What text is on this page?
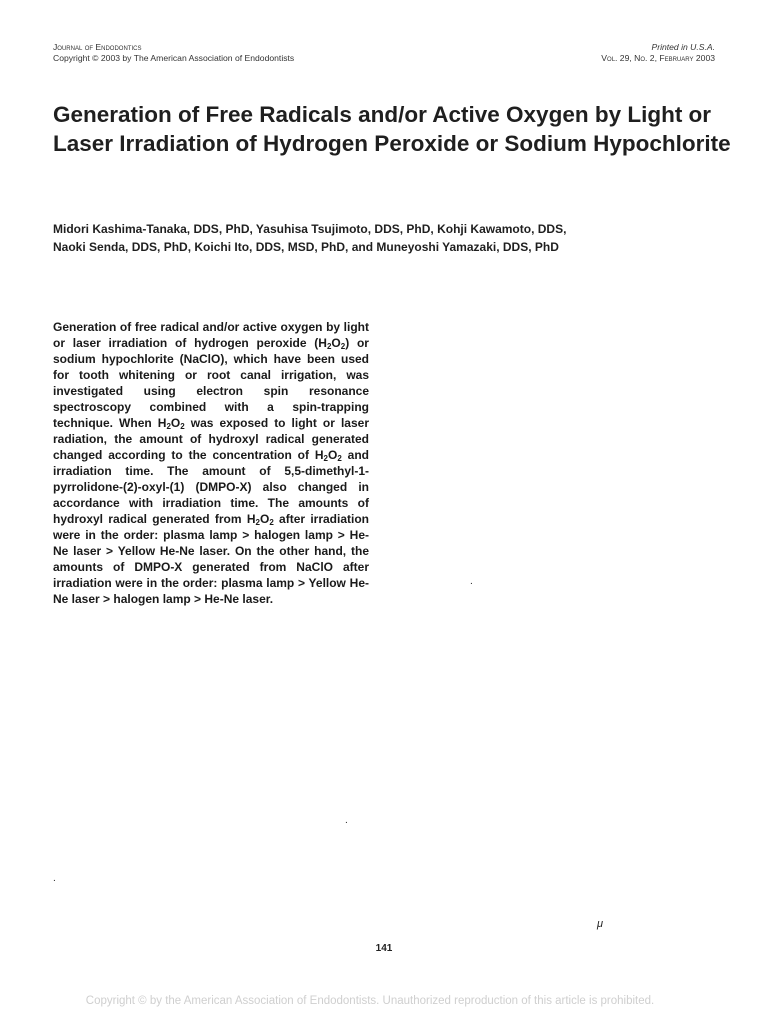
Journal of Endodontics
Copyright © 2003 by The American Association of Endodontists
Printed in U.S.A.
Vol. 29, No. 2, February 2003
Generation of Free Radicals and/or Active Oxygen by Light or Laser Irradiation of Hydrogen Peroxide or Sodium Hypochlorite
Midori Kashima-Tanaka, DDS, PhD, Yasuhisa Tsujimoto, DDS, PhD, Kohji Kawamoto, DDS,
Naoki Senda, DDS, PhD, Koichi Ito, DDS, MSD, PhD, and Muneyoshi Yamazaki, DDS, PhD

Generation of free radical and/or active oxygen by light or laser irradiation of hydrogen peroxide $(H_2O_2)$ or sodium hypochlorite (NaClO), which have been used for tooth whitening or root canal irrigation, was investigated using electron spin resonance spectroscopy combined with a spin-trapping technique. When $H_2O_2$ was exposed to light or laser radiation, the amount of hydroxyl radical generated changed according to the concentration of $H_2O_2$ and irradiation time. The amount of 5,5-dimethyl-1-pyrrolidone-(2)-oxyl-(1) (DMPO-X) also changed in accordance with irradiation time. The amounts of hydroxyl radical generated from $H_2O_2$ after irradiation were in the order: plasma lamp > halogen lamp > He-Ne laser > Yellow He-Ne laser. On the other hand, the amounts of DMPO-X generated from NaClO after irradiation were in the order: plasma lamp > Yellow He-Ne laser > halogen lamp > He-Ne laser.

.
.
.
μ
141
Copyright © by the American Association of Endodontists. Unauthorized reproduction of this article is prohibited.
